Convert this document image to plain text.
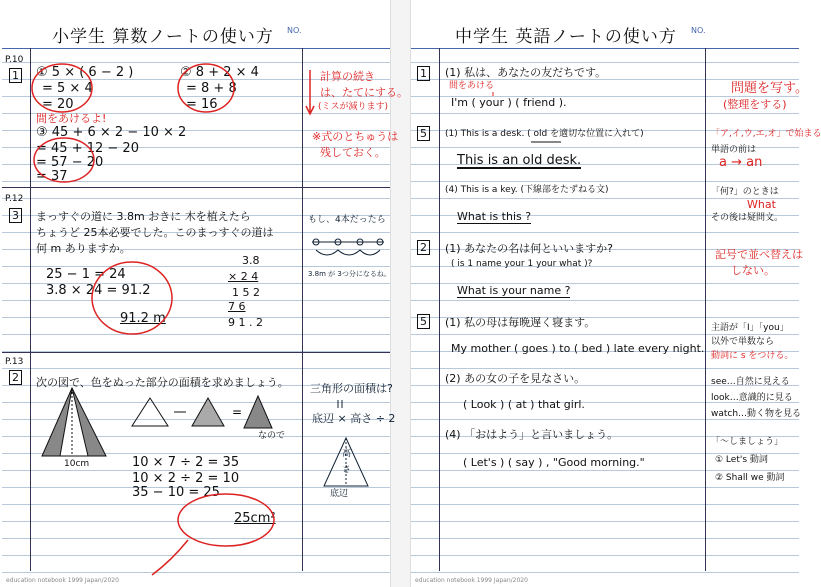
小学生 算数ノートの使い方 NO.
P.10
1
P.12
3
P.13
2
① 5 × ( 6 − 2 )
= 5 × 4
= 20
② 8 + 2 × 4
= 8 + 8
= 16
間をあけるよ!
③ 45 + 6 × 2 − 10 × 2
= 45 + 12 − 20
= 57 − 20
= 37
計算の続き
は、たてにする。
(ミスが減ります)
※式のとちゅうは
残しておく。
まっすぐの道に 3.8m おきに 木を植えたら
ちょうど 25本必要でした。このまっすぐの道は
何 m ありますか。
25 − 1 = 24
3.8 × 24 = 91.2
91.2 m
3.8
× 2 4
1 5 2
7 6
9 1 . 2
もし、4本だったら
3.8m が 3つ分になるね。
次の図で、色をぬった部分の面積を求めましょう。
10cm
なので
10 × 7 ÷ 2 = 35
10 × 2 ÷ 2 = 10
35 − 10 = 25
25cm²
三角形の面積は?
底辺 × 高さ ÷ 2
高
さ
底辺
education notebook 1999 Japan/2020
=
中学生 英語ノートの使い方 NO.
1 (1) 私は、あなたの友だちです。
間をあける
I'm ( your ) ( friend ).
問題を写す。
(整理をする)
5	(1) This is a desk. ( old を適切な位置に入れて)
This is an old desk.
「ア,イ,ウ,エ,オ」で始まる
単語の前は
a → an
(4) This is a key. (下線部をたずねる文)
What is this ?
「何?」のときは
What
その後は疑問文。
2 (1) あなたの名は何といいますか?
( is 1 name your 1 your what )?
What is your name ?
記号で並べ替えは
しない。
5 (1) 私の母は毎晩遅く寝ます。
My mother ( goes ) to ( bed ) late every night.
主語が「I」「you」
以外で単数なら
動詞に s をつける。
(2) あの女の子を見なさい。
( Look ) ( at ) that girl.
see…自然に見える
look…意識的に見る
watch…動く物を見る
(4) 「おはよう」と言いましょう。
( Let's ) ( say ) , "Good morning."
「〜しましょう」
① Let's 動詞
② Shall we 動詞
education notebook 1999 Japan/2020
